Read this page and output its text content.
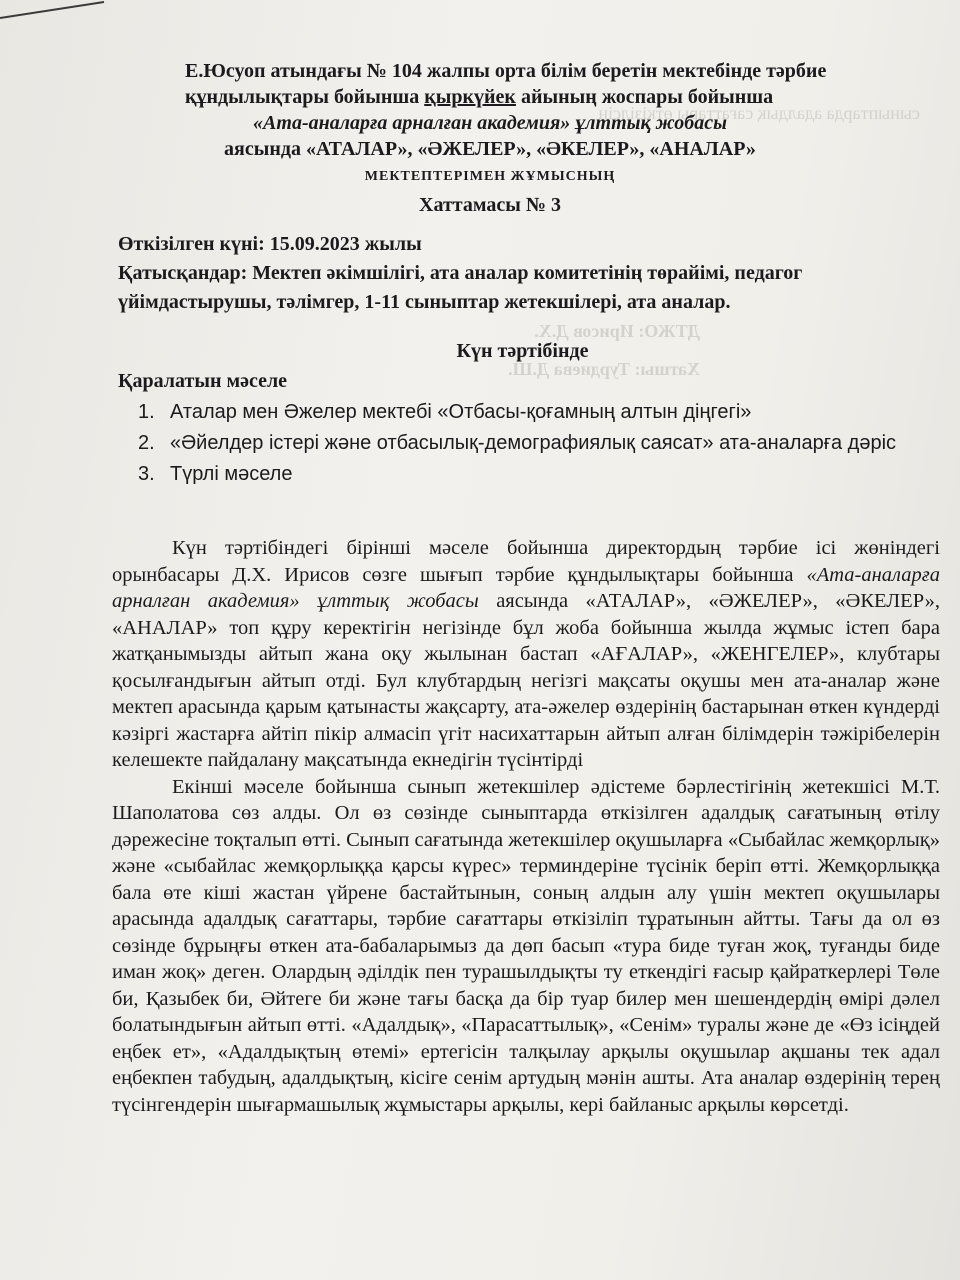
сыныптарда адалдық сағаттары өткізілсін
ДТЖО: Ирисов Д.Х.
Хатшы: Турдиева Д.Ш.
Е.Юсуоп атындағы № 104 жалпы орта білім беретін мектебінде тәрбие
құндылықтары бойынша қыркүйек айының жоспары бойынша
«Ата-аналарға арналған академия» ұлттық жобасы
аясында «АТАЛАР», «ӘЖЕЛЕР», «ӘКЕЛЕР», «АНАЛАР»
МЕКТЕПТЕРІМЕН ЖҰМЫСНЫҢ
Хаттамасы № 3

Өткізілген күні: 15.09.2023 жылы

Қатысқандар: Мектеп әкімшілігі, ата аналар комитетінің төрайімі, педагог

үйімдастырушы, тәлімгер, 1-11 сыныптар жетекшілері, ата аналар.

Күн тәртібінде
Қаралатын мәселе
1. Аталар мен Әжелер мектебі «Отбасы-қоғамның алтын діңгегі»
2. «Әйелдер істері және отбасылық-демографиялық саясат» ата-аналарға дәріс
3. Түрлі мәселе

Күн тәртібіндегі бірінші мәселе бойынша директордың тәрбие ісі жөніндегі орынбасары Д.Х. Ирисов сөзге шығып тәрбие құндылықтары бойынша «Ата-аналарға арналған академия» ұлттық жобасы аясында «АТАЛАР», «ӘЖЕЛЕР», «ӘКЕЛЕР», «АНАЛАР» топ құру керектігін негізінде бұл жоба бойынша жылда жұмыс істеп бара жатқанымызды айтып жана оқу жылынан бастап «АҒАЛАР», «ЖЕНГЕЛЕР», клубтары қосылғандығын айтып отді. Бул клубтардың негізгі мақсаты оқушы мен ата-аналар және мектеп арасында қарым қатынасты жақсарту, ата-әжелер өздерінің бастарынан өткен күндерді кәзіргі жастарға айтіп пікір алмасіп үгіт насихаттарын айтып алған білімдерін тәжірібелерін келешекте пайдалану мақсатында екнедігін түсінтірді

Екінші мәселе бойынша сынып жетекшілер әдістеме бәрлестігінің жетекшісі М.Т. Шаполатова сөз алды. Ол өз сөзінде сыныптарда өткізілген адалдық сағатының өтілу дәрежесіне тоқталып өтті. Сынып сағатында жетекшілер оқушыларға «Сыбайлас жемқорлық» және «сыбайлас жемқорлыққа қарсы күрес» терминдеріне түсінік беріп өтті. Жемқорлыққа бала өте кіші жастан үйрене бастайтынын, соның алдын алу үшін мектеп оқушылары арасында адалдық сағаттары, тәрбие сағаттары өткізіліп тұратынын айтты. Тағы да ол өз сөзінде бұрыңғы өткен ата-бабаларымыз да дөп басып «тура биде туған жоқ, туғанды биде иман жоқ» деген. Олардың әділдік пен турашылдықты ту еткендігі ғасыр қайраткерлері Төле би, Қазыбек би, Әйтеге би және тағы басқа да бір туар билер мен шешендердің өмірі дәлел болатындығын айтып өтті. «Адалдық», «Парасаттылық», «Сенім» туралы және де «Өз ісіңдей еңбек ет», «Адалдықтың өтемі» ертегісін талқылау арқылы оқушылар ақшаны тек адал еңбекпен табудың, адалдықтың, кісіге сенім артудың мәнін ашты. Ата аналар өздерінің терең түсінгендерін шығармашылық жұмыстары арқылы, кері байланыс арқылы көрсетді.
